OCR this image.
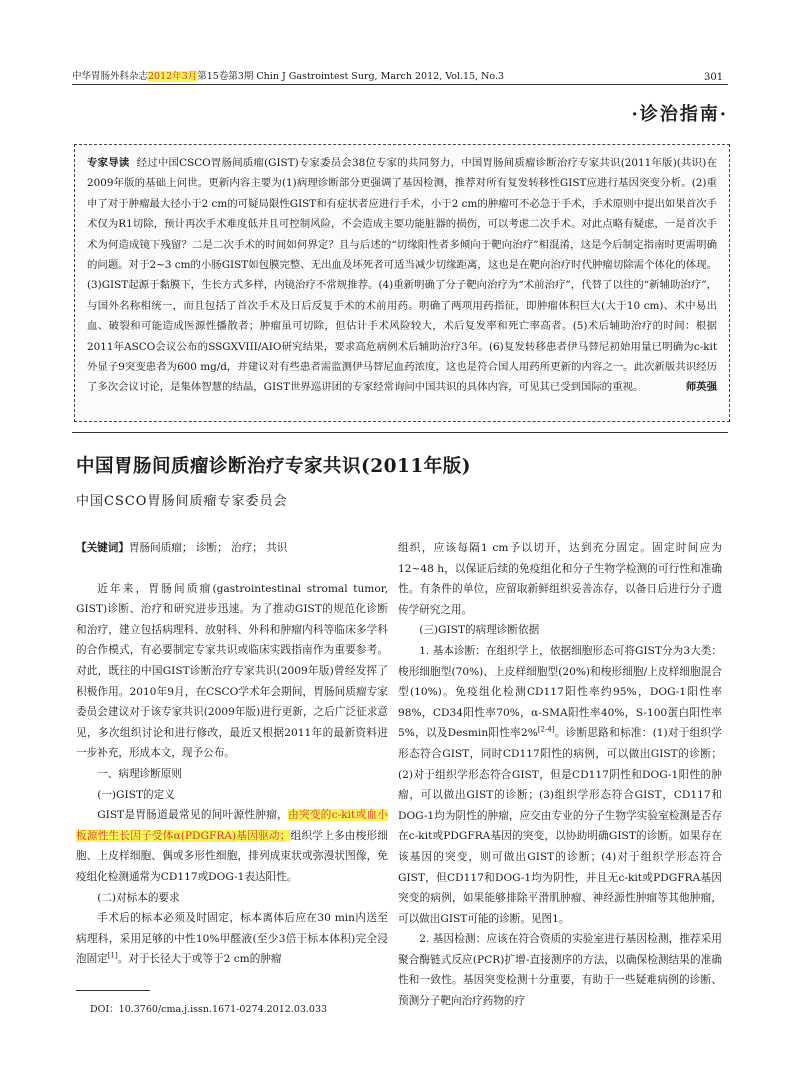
中华胃肠外科杂志2012年3月第15卷第3期 Chin J Gastrointest Surg, March 2012, Vol.15, No.3	301
·诊治指南·
专家导读 经过中国CSCO胃肠间质瘤(GIST)专家委员会38位专家的共同努力，中国胃肠间质瘤诊断治疗专家共识(2011年版)(共识)在2009年版的基础上问世。更新内容主要为(1)病理诊断部分更强调了基因检测，推荐对所有复发转移性GIST应进行基因突变分析。(2)重申了对于肿瘤最大径小于2 cm的可疑局限性GIST和有症状者应进行手术，小于2 cm的肿瘤可不必急于手术，手术原则中提出如果首次手术仅为R1切除，预计再次手术难度低并且可控制风险，不会造成主要功能脏器的损伤，可以考虑二次手术。对此点略有疑虑，一是首次手术为何造成镜下残留？二是二次手术的时间如何界定？且与后述的“切缘阳性者多倾向于靶向治疗”相混淆，这是今后制定指南时更需明确的问题。对于2~3 cm的小肠GIST如包膜完整、无出血及坏死者可适当减少切缘距离，这也是在靶向治疗时代肿瘤切除需个体化的体现。(3)GIST起源于黏膜下，生长方式多样，内镜治疗不常规推荐。(4)重新明确了分子靶向治疗为“术前治疗”，代替了以往的“新辅助治疗”，与国外名称相统一，而且包括了首次手术及日后反复手术的术前用药。明确了两项用药指征，即肿瘤体积巨大(大于10 cm)、术中易出血、破裂和可能造成医源性播散者；肿瘤虽可切除，但估计手术风险较大，术后复发率和死亡率高者。(5)术后辅助治疗的时间：根据2011年ASCO会议公布的SSGXVIII/AIO研究结果，要求高危病例术后辅助治疗3年。(6)复发转移患者伊马替尼初始用量已明确为c-kit外显子9突变患者为600 mg/d，并建议对有些患者需监测伊马替尼血药浓度，这也是符合国人用药所更新的内容之一。此次新版共识经历了多次会议讨论，是集体智慧的结晶，GIST世界巡讲团的专家经常询问中国共识的具体内容，可见其已受到国际的重视。	师英强
中国胃肠间质瘤诊断治疗专家共识(2011年版)
中国CSCO胃肠间质瘤专家委员会

【关键词】胃肠间质瘤； 诊断； 治疗； 共识

近年来，胃肠间质瘤(gastrointestinal stromal tumor, GIST)诊断、治疗和研究进步迅速。为了推动GIST的规范化诊断和治疗，建立包括病理科、放射科、外科和肿瘤内科等临床多学科的合作模式，有必要制定专家共识或临床实践指南作为重要参考。对此，既往的中国GIST诊断治疗专家共识(2009年版)曾经发挥了积极作用。2010年9月，在CSCO学术年会期间，胃肠间质瘤专家委员会建议对于该专家共识(2009年版)进行更新，之后广泛征求意见，多次组织讨论和进行修改，最近又根据2011年的最新资料进一步补充，形成本文，现予公布。

一、病理诊断原则

(一)GIST的定义

GIST是胃肠道最常见的间叶源性肿瘤，由突变的c-kit或血小板源性生长因子受体α(PDGFRA)基因驱动；组织学上多由梭形细胞、上皮样细胞、偶或多形性细胞，排列成束状或弥漫状图像，免疫组化检测通常为CD117或DOG-1表达阳性。

(二)对标本的要求

手术后的标本必须及时固定，标本离体后应在30 min内送至病理科，采用足够的中性10%甲醛液(至少3倍于标本体积)完全浸泡固定[1]。对于长径大于或等于2 cm的肿瘤

组织，应该每隔1 cm予以切开，达到充分固定。固定时间应为12~48 h，以保证后续的免疫组化和分子生物学检测的可行性和准确性。有条件的单位，应留取新鲜组织妥善冻存，以备日后进行分子遗传学研究之用。

(三)GIST的病理诊断依据

1. 基本诊断：在组织学上，依据细胞形态可将GIST分为3大类：梭形细胞型(70%)、上皮样细胞型(20%)和梭形细胞/上皮样细胞混合型(10%)。免疫组化检测CD117阳性率约95%，DOG-1阳性率98%，CD34阳性率70%，α-SMA阳性率40%，S-100蛋白阳性率5%，以及Desmin阳性率2%[2-4]。诊断思路和标准：(1)对于组织学形态符合GIST，同时CD117阳性的病例，可以做出GIST的诊断；(2)对于组织学形态符合GIST，但是CD117阴性和DOG-1阳性的肿瘤，可以做出GIST的诊断；(3)组织学形态符合GIST，CD117和DOG-1均为阴性的肿瘤，应交由专业的分子生物学实验室检测是否存在c-kit或PDGFRA基因的突变，以协助明确GIST的诊断。如果存在该基因的突变，则可做出GIST的诊断；(4)对于组织学形态符合GIST，但CD117和DOG-1均为阴性，并且无c-kit或PDGFRA基因突变的病例，如果能够排除平滑肌肿瘤、神经源性肿瘤等其他肿瘤，可以做出GIST可能的诊断。见图1。

2. 基因检测：应该在符合资质的实验室进行基因检测，推荐采用聚合酶链式反应(PCR)扩增-直接测序的方法，以确保检测结果的准确性和一致性。基因突变检测十分重要，有助于一些疑难病例的诊断、预测分子靶向治疗药物的疗

DOI：10.3760/cma.j.issn.1671-0274.2012.03.033
